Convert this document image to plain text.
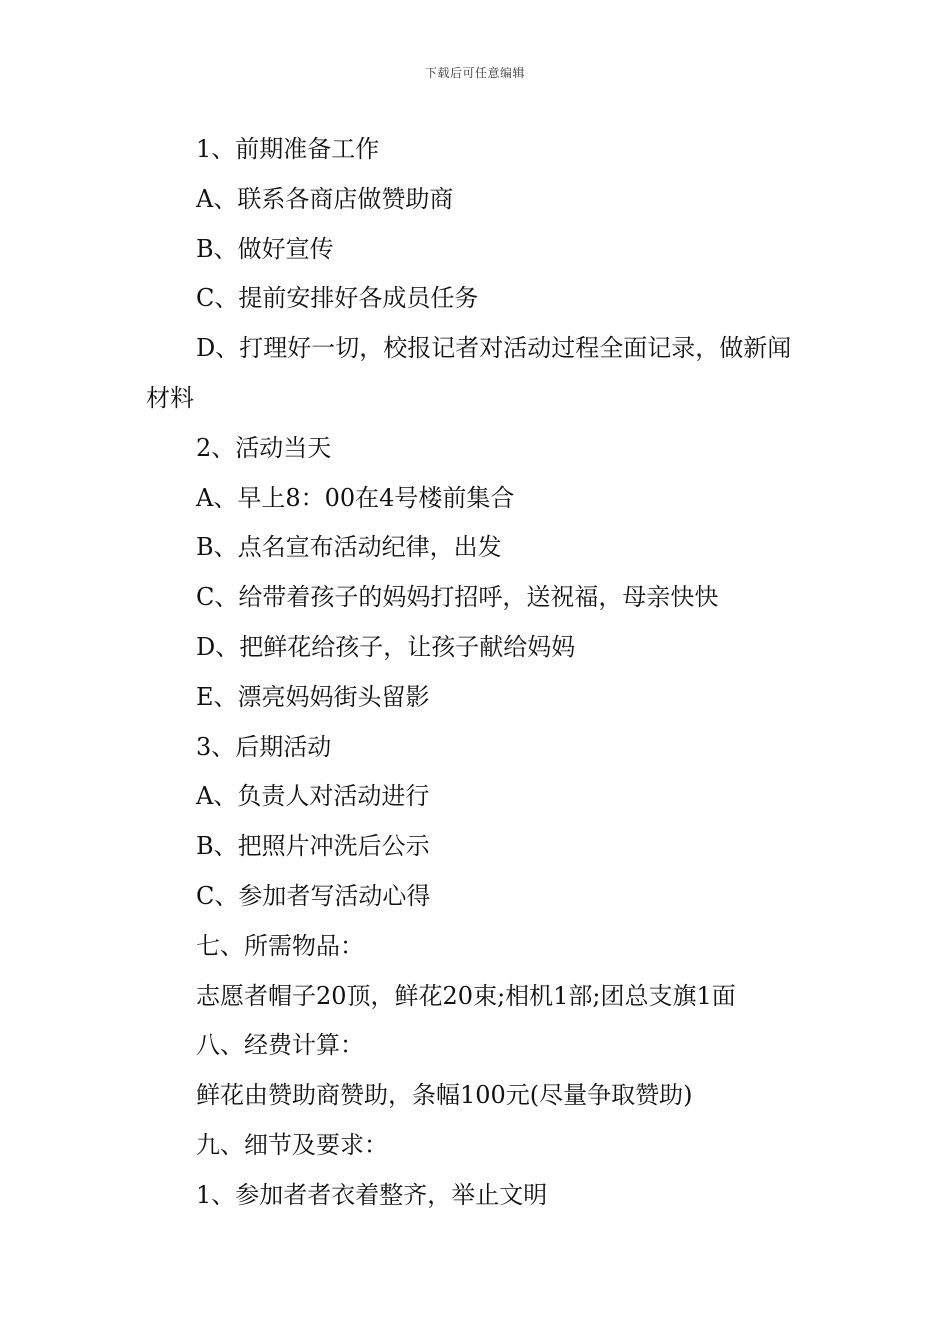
下载后可任意编辑

1、前期准备工作

A、联系各商店做赞助商

B、做好宣传

C、提前安排好各成员任务

D、打理好一切，校报记者对活动过程全面记录，做新闻材料

2、活动当天

A、早上8：00在4号楼前集合

B、点名宣布活动纪律，出发

C、给带着孩子的妈妈打招呼，送祝福，母亲快快

D、把鲜花给孩子，让孩子献给妈妈

E、漂亮妈妈街头留影

3、后期活动

A、负责人对活动进行

B、把照片冲洗后公示

C、参加者写活动心得

七、所需物品：

志愿者帽子20顶，鲜花20束;相机1部;团总支旗1面

八、经费计算：

鲜花由赞助商赞助，条幅100元(尽量争取赞助)

九、细节及要求：

1、参加者者衣着整齐，举止文明
